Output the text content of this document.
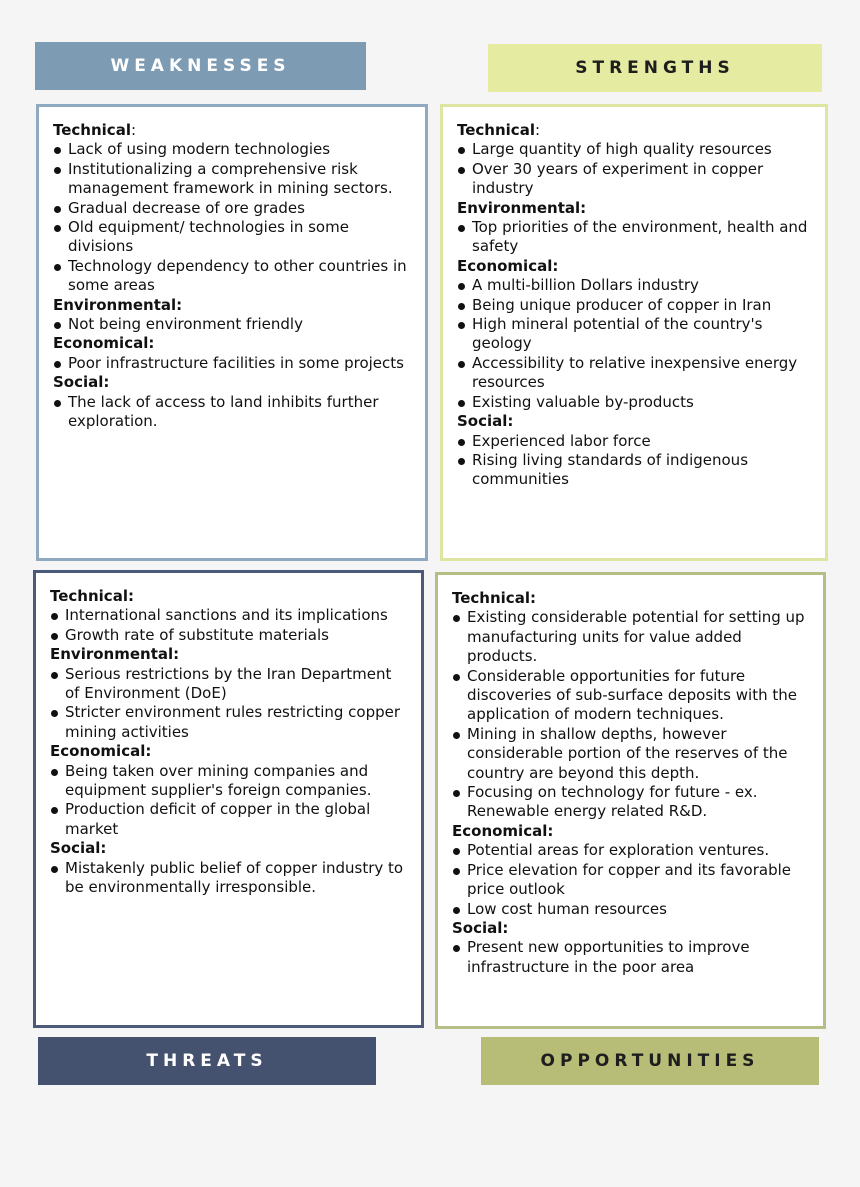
WEAKNESSES	STRENGTHS
Technical:
Lack of using modern technologies
Institutionalizing a comprehensive risk management framework in mining sectors.
Gradual decrease of ore grades
Old equipment/ technologies in some divisions
Technology dependency to other countries in some areas
Environmental:
Not being environment friendly
Economical:
Poor infrastructure facilities in some projects
Social:
The lack of access to land inhibits further exploration.
Technical:
Large quantity of high quality resources
Over 30 years of experiment in copper industry
Environmental:
Top priorities of the environment, health and safety
Economical:
A multi-billion Dollars industry
Being unique producer of copper in Iran
High mineral potential of the country's geology
Accessibility to relative inexpensive energy resources
Existing valuable by-products
Social:
Experienced labor force
Rising living standards of indigenous communities
Technical:
International sanctions and its implications
Growth rate of substitute materials
Environmental:
Serious restrictions by the Iran Department of Environment (DoE)
Stricter environment rules restricting copper mining activities
Economical:
Being taken over mining companies and equipment supplier's foreign companies.
Production deficit of copper in the global market
Social:
Mistakenly public belief of copper industry to be environmentally irresponsible.
Technical:
Existing considerable potential for setting up manufacturing units for value added products.
Considerable opportunities for future discoveries of sub-surface deposits with the application of modern techniques.
Mining in shallow depths, however considerable portion of the reserves of the country are beyond this depth.
Focusing on technology for future - ex. Renewable energy related R&D.
Economical:
Potential areas for exploration ventures.
Price elevation for copper and its favorable price outlook
Low cost human resources
Social:
Present new opportunities to improve infrastructure in the poor area
THREATS	OPPORTUNITIES
